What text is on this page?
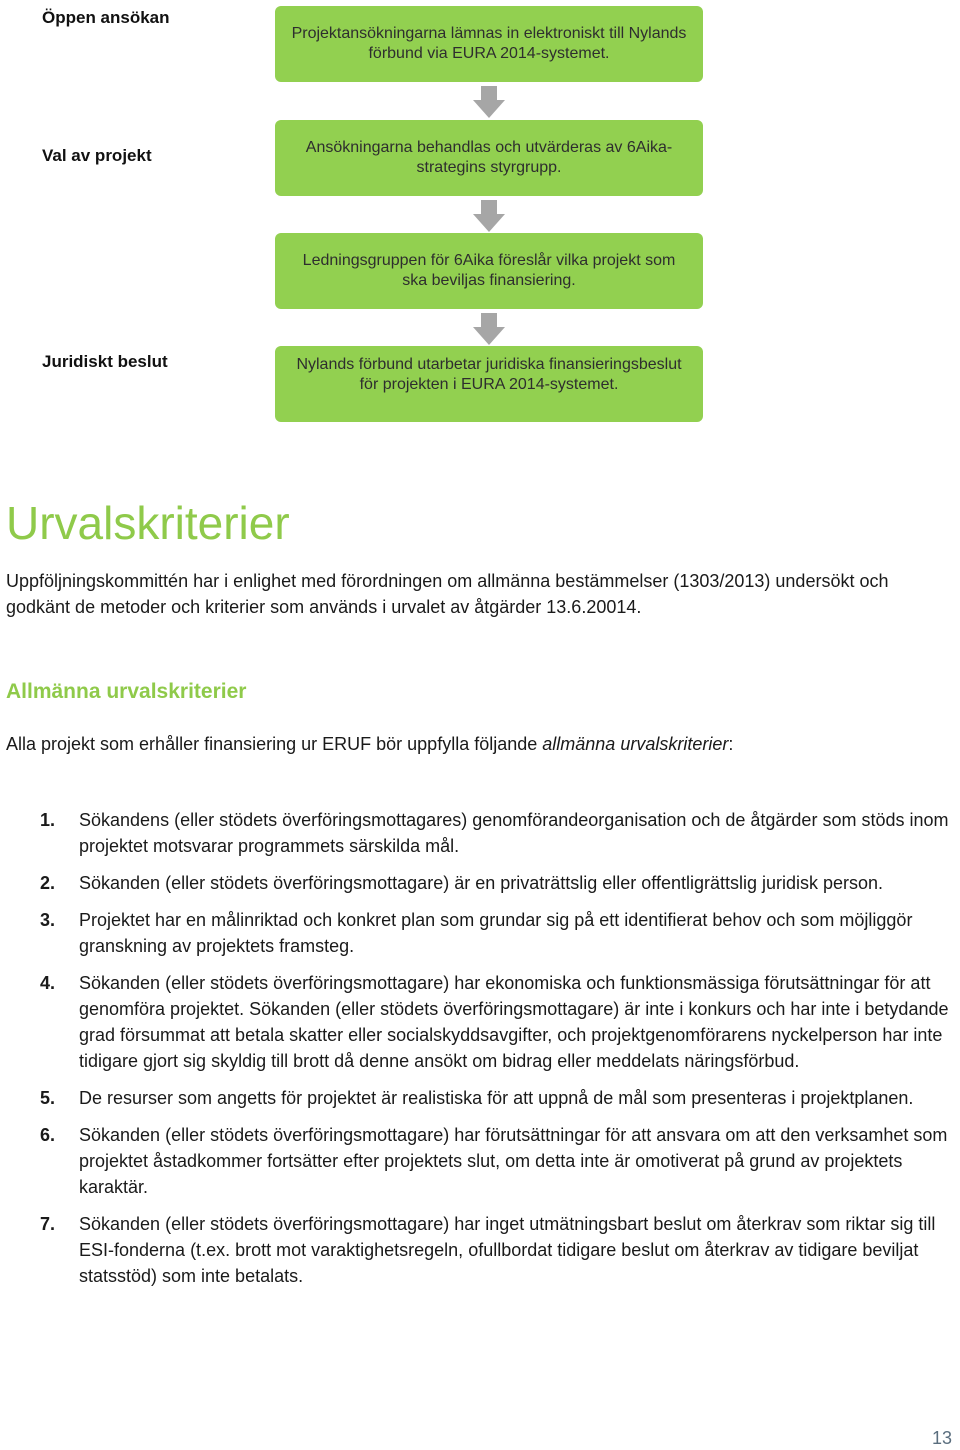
Öppen ansökan
Val av projekt
Juridiskt beslut
Projektansökningarna lämnas in elektroniskt till Nylands förbund via EURA 2014-systemet.
Ansökningarna behandlas och utvärderas av 6Aika-strategins styrgrupp.
Ledningsgruppen för 6Aika föreslår vilka projekt som ska beviljas finansiering.
Nylands förbund utarbetar juridiska finansieringsbeslut för projekten i EURA 2014-systemet.
Urvalskriterier

Uppföljningskommittén har i enlighet med förordningen om allmänna bestämmelser (1303/2013) undersökt och godkänt de metoder och kriterier som används i urvalet av åtgärder 13.6.20014.

Allmänna urvalskriterier

Alla projekt som erhåller finansiering ur ERUF bör uppfylla följande allmänna urvalskriterier:

1.	Sökandens (eller stödets överföringsmottagares) genomförandeorganisation och de åtgärder som stöds inom projektet motsvarar programmets särskilda mål.
2.	Sökanden (eller stödets överföringsmottagare) är en privaträttslig eller offentligrättslig juridisk person.
3.	Projektet har en målinriktad och konkret plan som grundar sig på ett identifierat behov och som möjliggör granskning av projektets framsteg.
4.	Sökanden (eller stödets överföringsmottagare) har ekonomiska och funktionsmässiga förutsättningar för att genomföra projektet. Sökanden (eller stödets överföringsmottagare) är inte i konkurs och har inte i betydande grad försummat att betala skatter eller socialskyddsavgifter, och projektgenomförarens nyckelperson har inte tidigare gjort sig skyldig till brott då denne ansökt om bidrag eller meddelats näringsförbud.
5.	De resurser som angetts för projektet är realistiska för att uppnå de mål som presenteras i projektplanen.
6.	Sökanden (eller stödets överföringsmottagare) har förutsättningar för att ansvara om att den verksamhet som projektet åstadkommer fortsätter efter projektets slut, om detta inte är omotiverat på grund av projektets karaktär.
7.	Sökanden (eller stödets överföringsmottagare) har inget utmätningsbart beslut om återkrav som riktar sig till ESI-fonderna (t.ex. brott mot varaktighetsregeln, ofullbordat tidigare beslut om återkrav av tidigare beviljat statsstöd) som inte betalats.
13
